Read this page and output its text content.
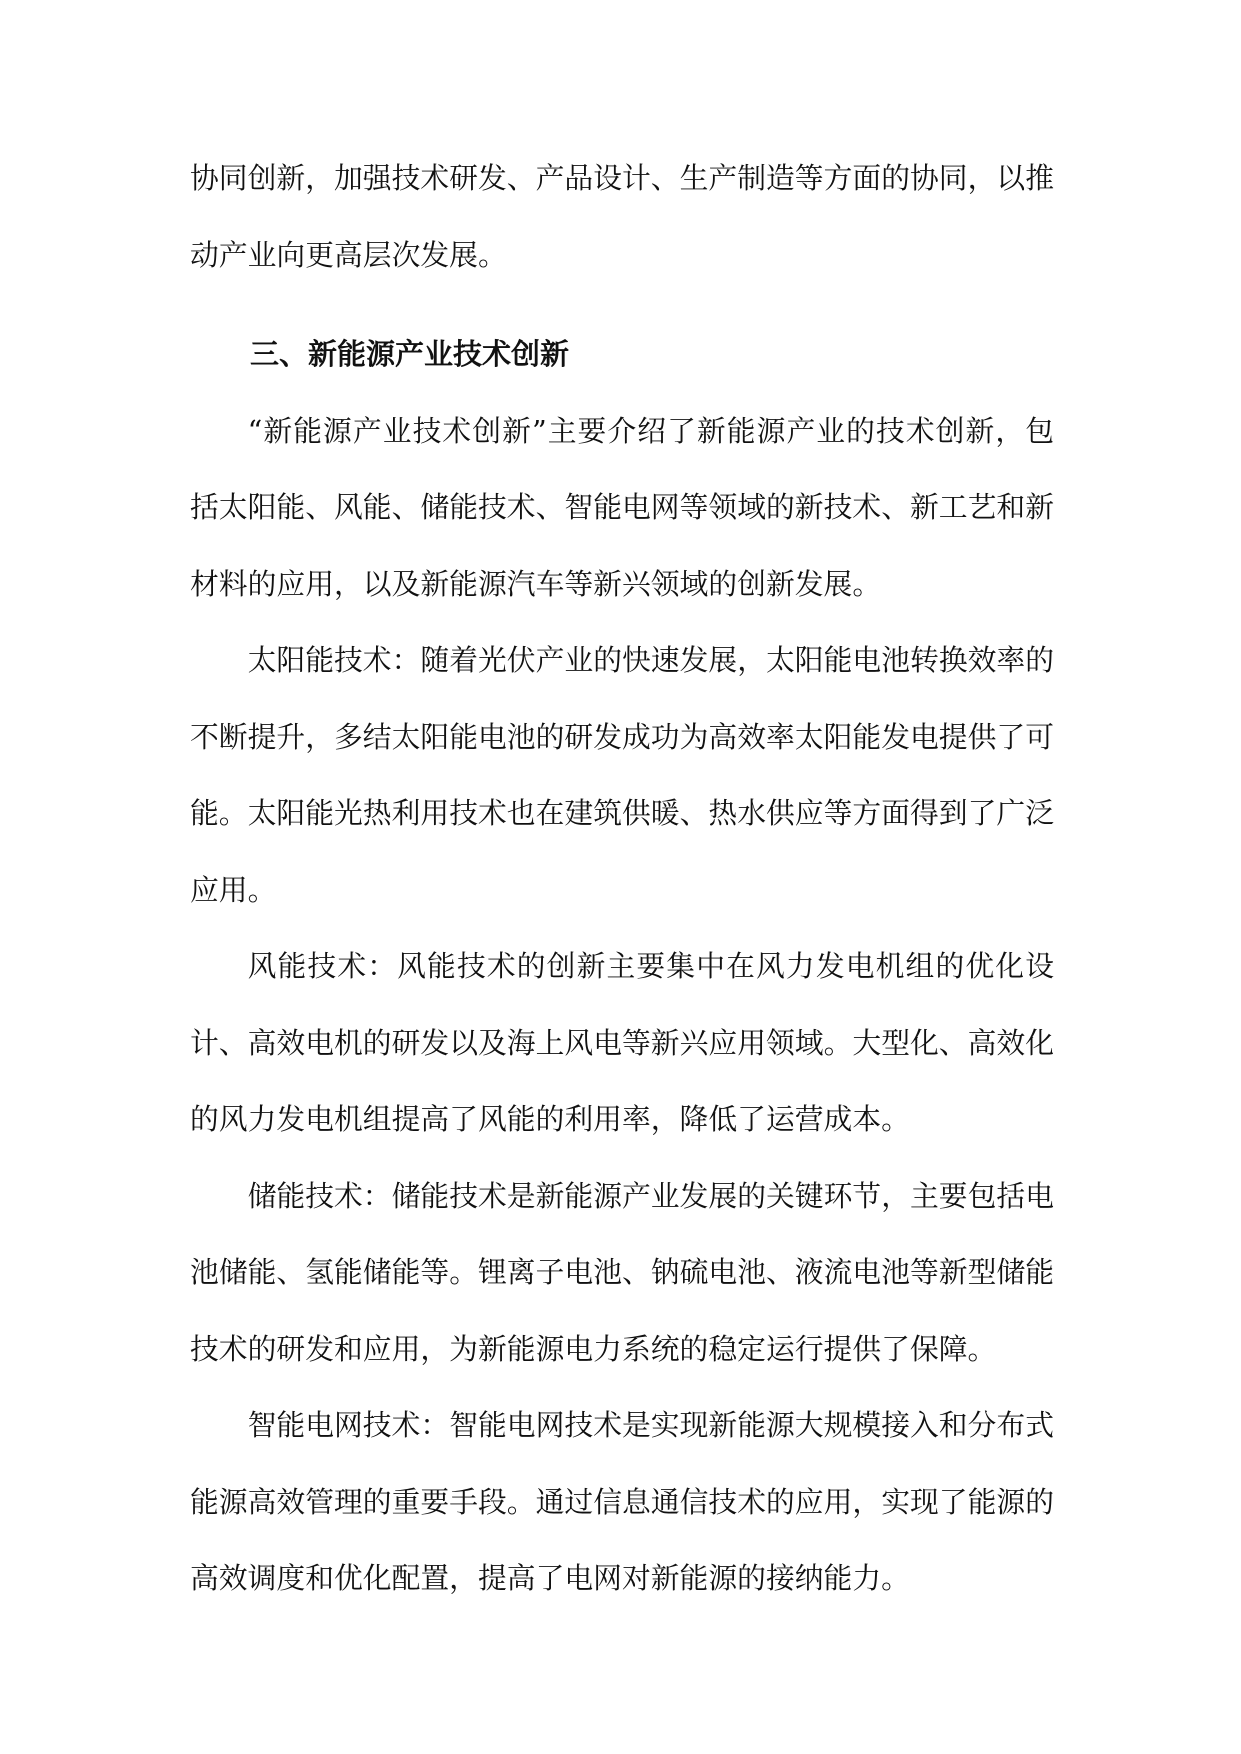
协同创新，加强技术研发、产品设计、生产制造等方面的协同，以推动产业向更高层次发展。

三、新能源产业技术创新

“新能源产业技术创新”主要介绍了新能源产业的技术创新，包括太阳能、风能、储能技术、智能电网等领域的新技术、新工艺和新材料的应用，以及新能源汽车等新兴领域的创新发展。

太阳能技术：随着光伏产业的快速发展，太阳能电池转换效率的不断提升，多结太阳能电池的研发成功为高效率太阳能发电提供了可能。太阳能光热利用技术也在建筑供暖、热水供应等方面得到了广泛应用。

风能技术：风能技术的创新主要集中在风力发电机组的优化设计、高效电机的研发以及海上风电等新兴应用领域。大型化、高效化的风力发电机组提高了风能的利用率，降低了运营成本。

储能技术：储能技术是新能源产业发展的关键环节，主要包括电池储能、氢能储能等。锂离子电池、钠硫电池、液流电池等新型储能技术的研发和应用，为新能源电力系统的稳定运行提供了保障。

智能电网技术：智能电网技术是实现新能源大规模接入和分布式能源高效管理的重要手段。通过信息通信技术的应用，实现了能源的高效调度和优化配置，提高了电网对新能源的接纳能力。
